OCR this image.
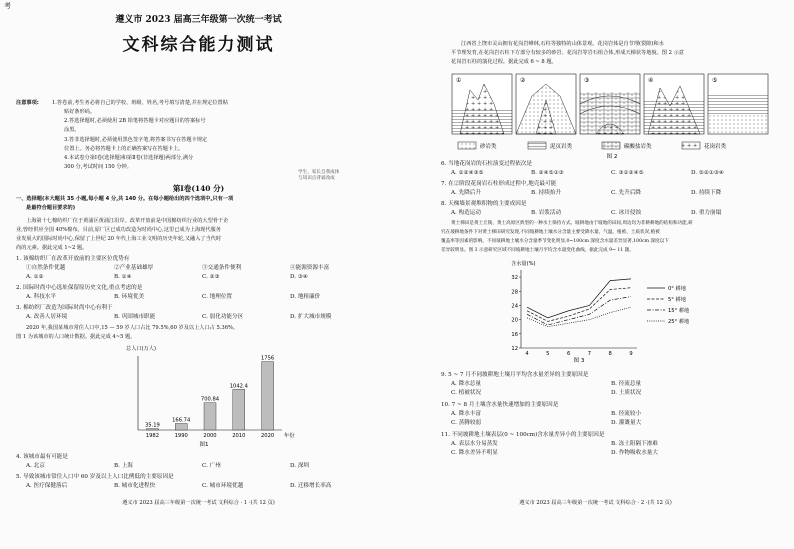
考
遵义市 2023 届高三年级第一次统一考试
文科综合能力测试
注意事项:	1.答卷前,考生务必将自己的学校、班级、姓名,考号填写清楚,并在规定位置粘
贴好条形码。
2.答选择题时,必须使用 2B 铅笔将答题卡对应题目的答案标号
涂黑。
3.答非选择题时,必须使用黑色签字笔,将答案书写在答题卡规定
位置上。务必将答题卡上的正确答案写在答题卡上。
4.本试卷分第Ⅰ卷(选择题)和第Ⅱ卷(非选择题)两部分,满分
300 分,考试时间 150 分钟。
学生、家长自我成体
与知识点背诵改成
第Ⅰ卷(140 分)
一、选择题(本大题共 35 小题,每小题 4 分,共 140 分。在每小题给出的四个选项中,只有一项
是最符合题目要求的)
上海第十七棉纺织厂位于黄浦区黄浦江沿岸。改革开放前是中国棉纺织行业的大型骨干企
业,曾经供应全国 40%棉布。目前,原厂区已成功改造为时尚中心,这里已成为上海现代服务
业发展大的国际时尚中心,保留了上世纪 20 年代上海工业文明的历史年轮,又融入了当代时
尚的元素。据此完成 1~2 题。
1. 该棉纺织厂在改革开放前的主要区位优势有
①自然条件优越	②产业基础雄厚	③交通条件便利	④能源资源丰富
A. ①②	B. ①④	C. ②③	D. ③④
2. 国际时尚中心选址保留原历史文化,重点考虑的是
A. 科技水平	B. 环境优美	C. 地理位置	D. 地租廉价
3. 棉纺织厂改造为国际时尚中心有利于
A. 改善人居环境	B. 巩固城市职能	C. 弱化功能分区	D. 扩大城市规模
2020 年,我国某城市常住人口中,15 — 59 岁人口占比 79.5%,60 岁及以上人口占 5.36%。
图 1 为该城市的人口统计数据。据此完成 4~5 题。
总人口(万人)
35.19
1982
166.74
1990
700.84
2000
1042.4
2010
1756
2020 年份
图1
4. 该城市最有可能是
A. 北京	B. 上海	C. 广州	D. 深圳
5. 导致该城市常住人口中 60 岁及以上人口比例低的主要原因是
A. 医疗保健落后	B. 城市化进程快	C. 城市环境优越	D. 迁移增长率高
遵义市 2023 届高三年级第一次统一考试 文科综合 · 1 ·(共 12 页)
江西省上饶市灵山拥有花岗岩峰林,石柱等独特的山体景观。花岗岩体是自节理(裂隙)和水
平节理发育,在花岗岩石柱下方部分有较多的砂岩、花岗岩等岩石组合体,形成天梯状等地貌。图 2 示意
花岗岩石柱的演化过程。据此完成 6 ~ 8 题。
①	②	③	④	⑤
砂岩类	泥页岩类	碳酸盐岩类	花岗岩类
图 2
6. 当地花岗岩的石柱演变过程依次是
A. ①②④③⑤	B. ②④⑤①③	C. ③①②④⑤	D. ⑤②①③④
7. 在②阶段花岗岩石柱形成过程中,地壳最可能
A. 先降后升	B. 持续抬升	C. 先升后降	D. 持续下降
8. 天梯墙景观堆积物的主要成因是
A. 构造运动	B. 岩浆活动	C. 冰川侵蚀	D. 重力崩塌
黄土梯田是黄土丘陵、黄土高原区典型的一种水土保持方式。坡耕地由于坡地的田间,周边均为非耕耕地的结构和功能,研
究在坡耕地条件下对黄土梯田研究发现,不同坡耕地土壤水分含量主要受降水量、气温、植被、土质状况,植被
覆盖率等因素的影响。不同坡耕地土壤水分含量季节变化明显,0~100cm 深度含水量差异显著,100cm 深度以下
差异较明显。图 3 示意研究区域不同坡耕地土壤月平均含水量变化曲线。据此完成 9~ 11 题。
含水量(%)
12
16
20
24
28
32
4	5	6	7	8	9
0° 耕地
5° 耕地
15° 耕地
25° 耕地
图 3
9. 5 ~ 7 月不同坡耕地土壤月平均含水量差异的主要原因是
A. 降水总量	B. 径流总量
C. 植被状况	D. 土质状况
10. 7 ~ 8 月土壤含水量快速增加的主要原因是
A. 降水丰富	B. 径流较小
C. 蒸腾较弱	D. 灌溉量大
11. 不同坡耕地土壤表层(0 ~ 100cm)含水量差异小的主要原因是
A. 表层水分易蒸发	B. 冻土阻隔下渗难
C. 降水差异不明显	D. 作物吸收水量大
遵义市 2023 届高三年级第一次统一考试 文科综合 · 2 ·(共 12 页)
